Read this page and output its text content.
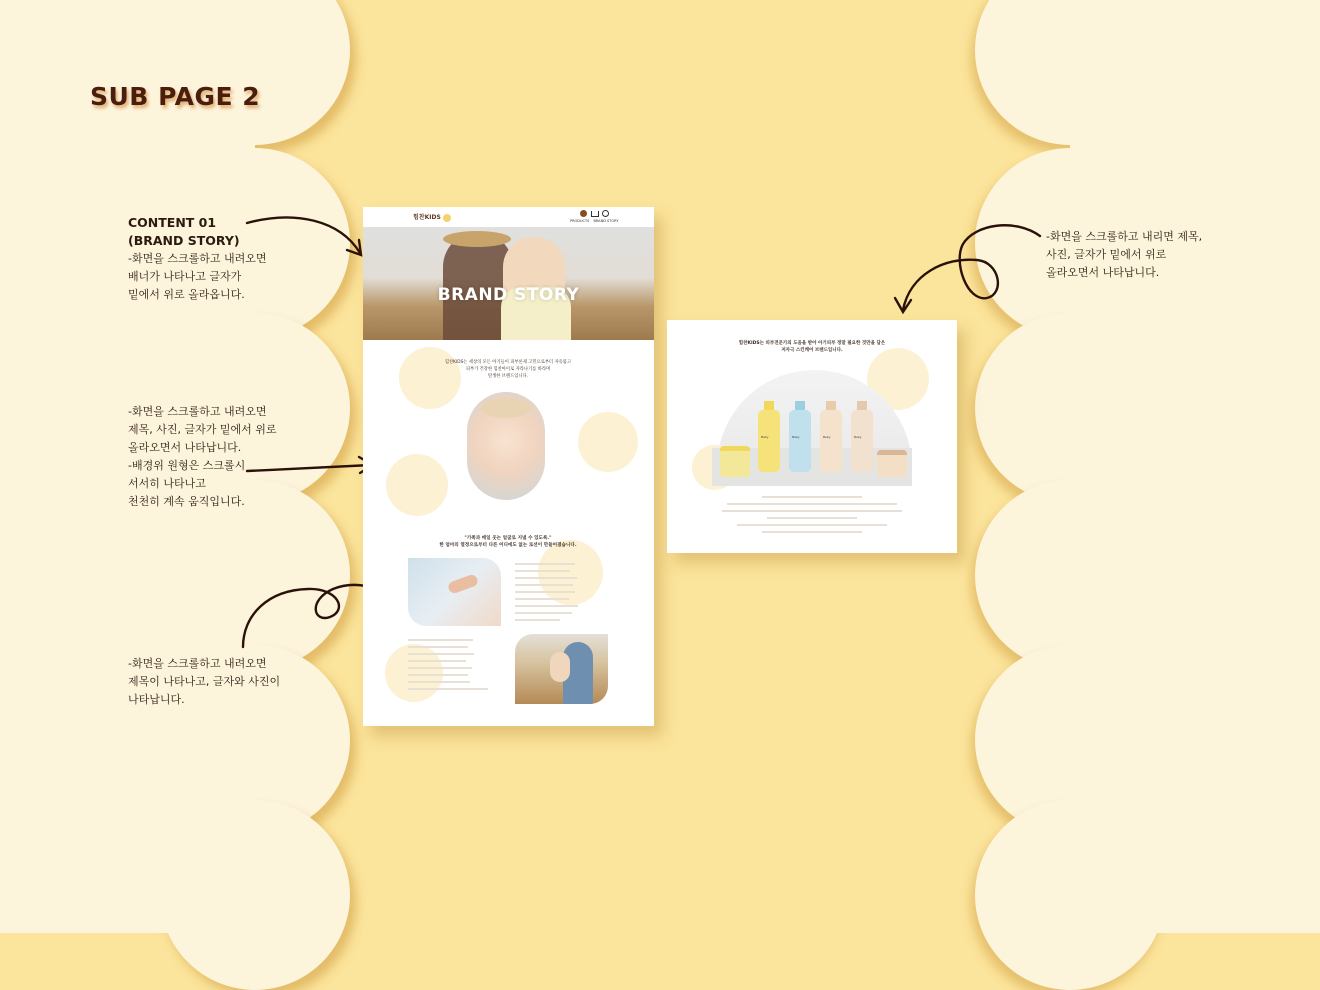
SUB PAGE 2
CONTENT 01
(BRAND STORY)
-화면을 스크롤하고 내려오면
배너가 나타나고 글자가
밑에서 위로 올라옵니다.
-화면을 스크롤하고 내려오면
제목, 사진, 글자가 밑에서 위로
올라오면서 나타납니다.
-배경위 원형은 스크롤시
서서히 나타나고
천천히 계속 움직입니다.
-화면을 스크롤하고 내려오면
제목이 나타나고, 글자와 사진이
나타납니다.
-화면을 스크롤하고 내리면 제목,
사진, 글자가 밑에서 위로
올라오면서 나타납니다.
힘찬KIDS	PRODUCTS BRAND STORY
BRAND STORY
힘찬KIDS는 세상의 모든 아기들이 피부론제 고민으로부터 자유롭고
피부가 건강한 힘찬아이로 자라나기를 바라며
탄생한 브랜드입니다.
"가족과 매일 웃는 얼굴로 지낼 수 있도록."
한 엄마의 열정으로부터 다른 어디에도 없는 로션이 만들어졌습니다.
힘찬KIDS는 피부전문가의 도움을 받아 아기피부 정말 필요한 것만을 담은
저자극 스킨케어 브랜드입니다.
Baby	Baby	Baby	Baby
